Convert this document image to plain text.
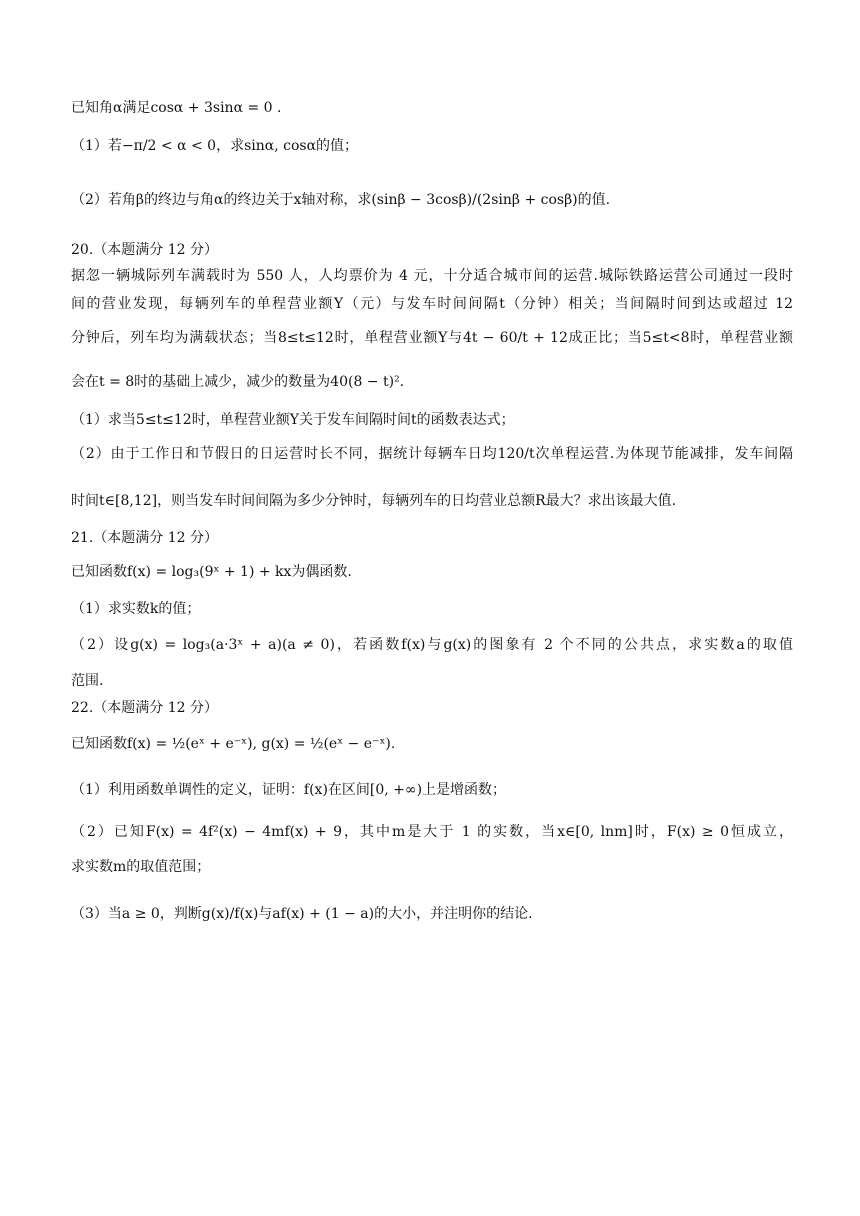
已知角α满足cosα + 3sinα = 0 .
（1）若−π/2 < α < 0，求sinα, cosα的值；
（2）若角β的终边与角α的终边关于x轴对称，求(sinβ − 3cosβ)/(2sinβ + cosβ)的值.
20.（本题满分 12 分）
据忽一辆城际列车满载时为 550 人，人均票价为 4 元，十分适合城市间的运营.城际铁路运营公司通过一段时
间的营业发现，每辆列车的单程营业额Y（元）与发车时间间隔t（分钟）相关；当间隔时间到达或超过 12
分钟后，列车均为满载状态；当8≤t≤12时，单程营业额Y与4t − 60/t + 12成正比；当5≤t<8时，单程营业额
会在t = 8时的基础上减少，减少的数量为40(8 − t)².
（1）求当5≤t≤12时，单程营业额Y关于发车间隔时间t的函数表达式；
（2）由于工作日和节假日的日运营时长不同，据统计每辆车日均120/t次单程运营.为体现节能减排，发车间隔
时间t∈[8,12]，则当发车时间间隔为多少分钟时，每辆列车的日均营业总额R最大？求出该最大值.
21.（本题满分 12 分）
已知函数f(x) = log₃(9ˣ + 1) + kx为偶函数.
（1）求实数k的值；
（2）设g(x) = log₃(a·3ˣ + a)(a ≠ 0)，若函数f(x)与g(x)的图象有 2 个不同的公共点，求实数a的取值
范围.
22.（本题满分 12 分）
已知函数f(x) = ½(eˣ + e⁻ˣ), g(x) = ½(eˣ − e⁻ˣ).
（1）利用函数单调性的定义，证明：f(x)在区间[0, +∞)上是增函数；
（2）已知F(x) = 4f²(x) − 4mf(x) + 9，其中m是大于 1 的实数，当x∈[0, lnm]时，F(x) ≥ 0恒成立，
求实数m的取值范围；
（3）当a ≥ 0，判断g(x)/f(x)与af(x) + (1 − a)的大小，并注明你的结论.
